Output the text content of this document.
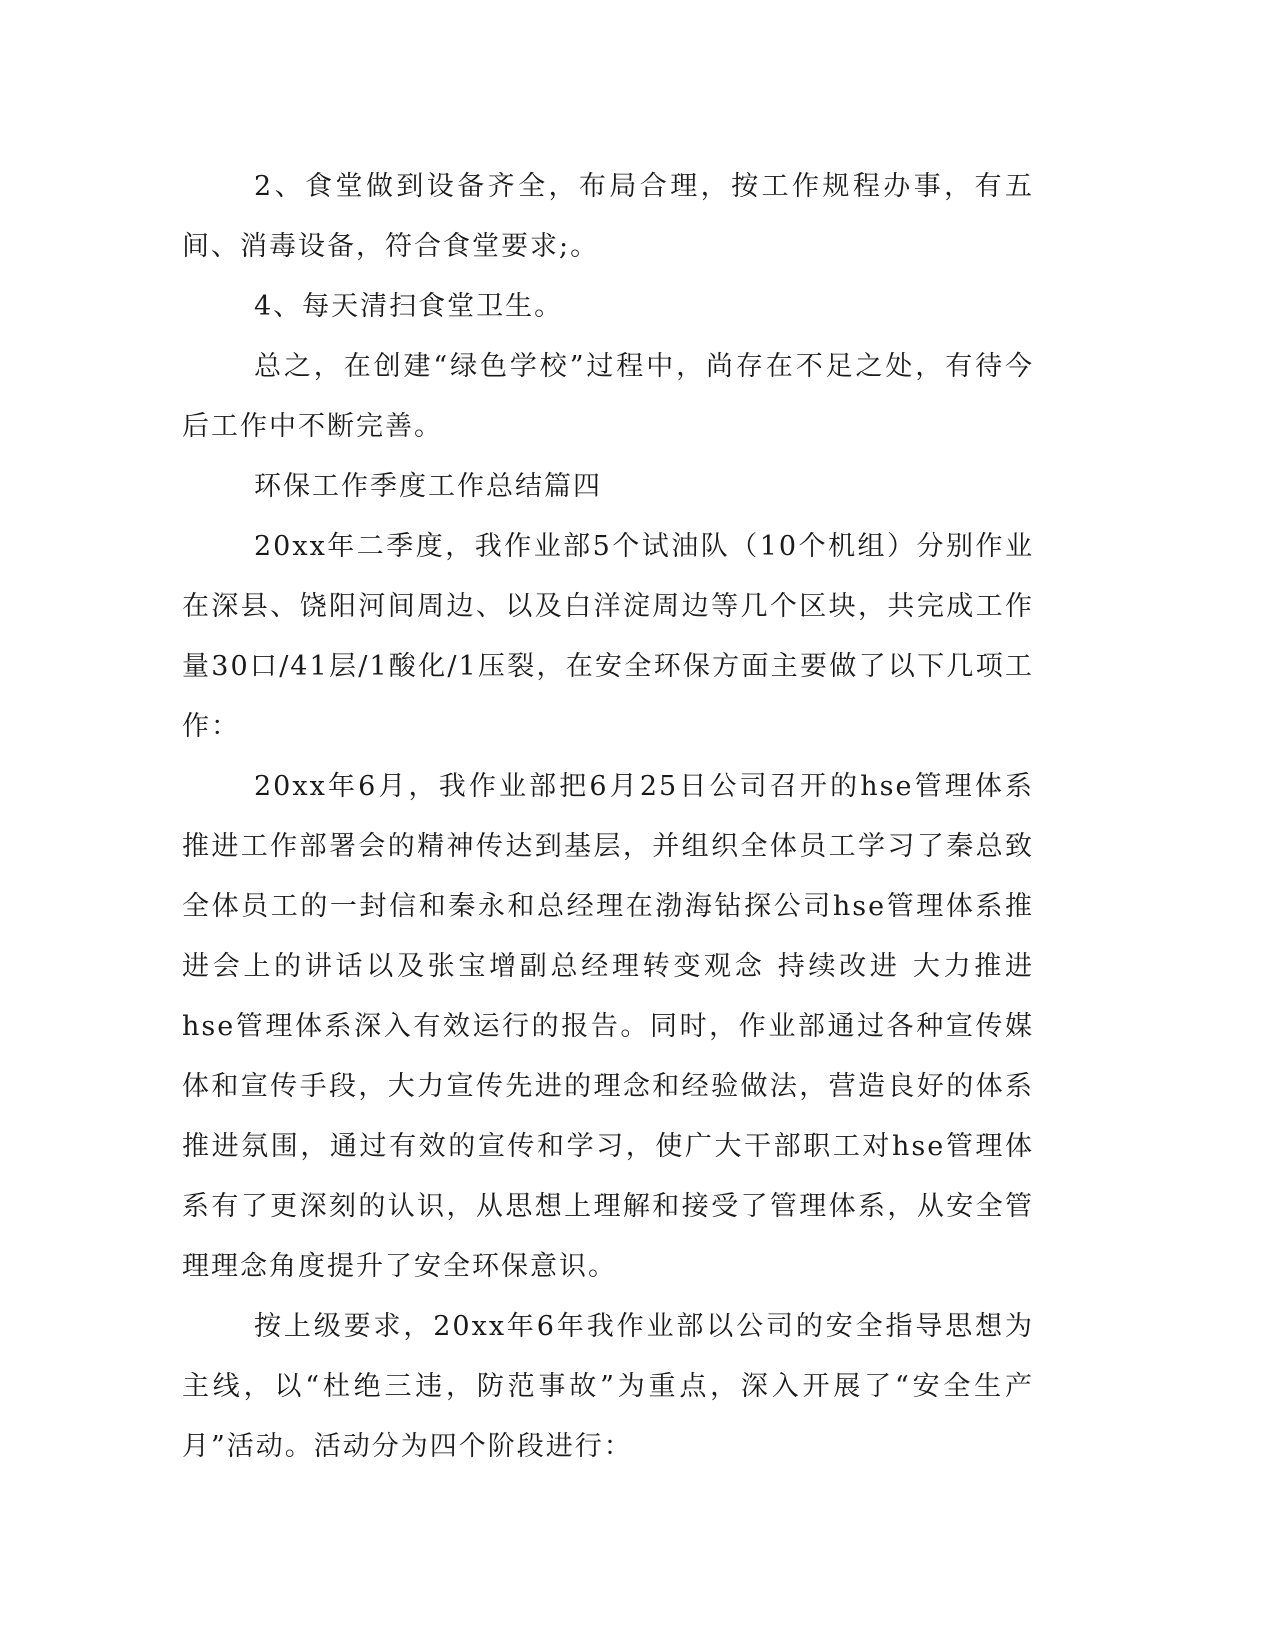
2、食堂做到设备齐全，布局合理，按工作规程办事，有五间、消毒设备，符合食堂要求;。

4、每天清扫食堂卫生。

总之，在创建“绿色学校”过程中，尚存在不足之处，有待今后工作中不断完善。

环保工作季度工作总结篇四

20xx年二季度，我作业部5个试油队（10个机组）分别作业在深县、饶阳河间周边、以及白洋淀周边等几个区块，共完成工作量30口/41层/1酸化/1压裂，在安全环保方面主要做了以下几项工作：

20xx年6月，我作业部把6月25日公司召开的hse管理体系推进工作部署会的精神传达到基层，并组织全体员工学习了秦总致全体员工的一封信和秦永和总经理在渤海钻探公司hse管理体系推进会上的讲话以及张宝增副总经理转变观念 持续改进 大力推进hse管理体系深入有效运行的报告。同时，作业部通过各种宣传媒体和宣传手段，大力宣传先进的理念和经验做法，营造良好的体系推进氛围，通过有效的宣传和学习，使广大干部职工对hse管理体系有了更深刻的认识，从思想上理解和接受了管理体系，从安全管理理念角度提升了安全环保意识。

按上级要求，20xx年6年我作业部以公司的安全指导思想为主线，以“杜绝三违，防范事故”为重点，深入开展了“安全生产月”活动。活动分为四个阶段进行：
